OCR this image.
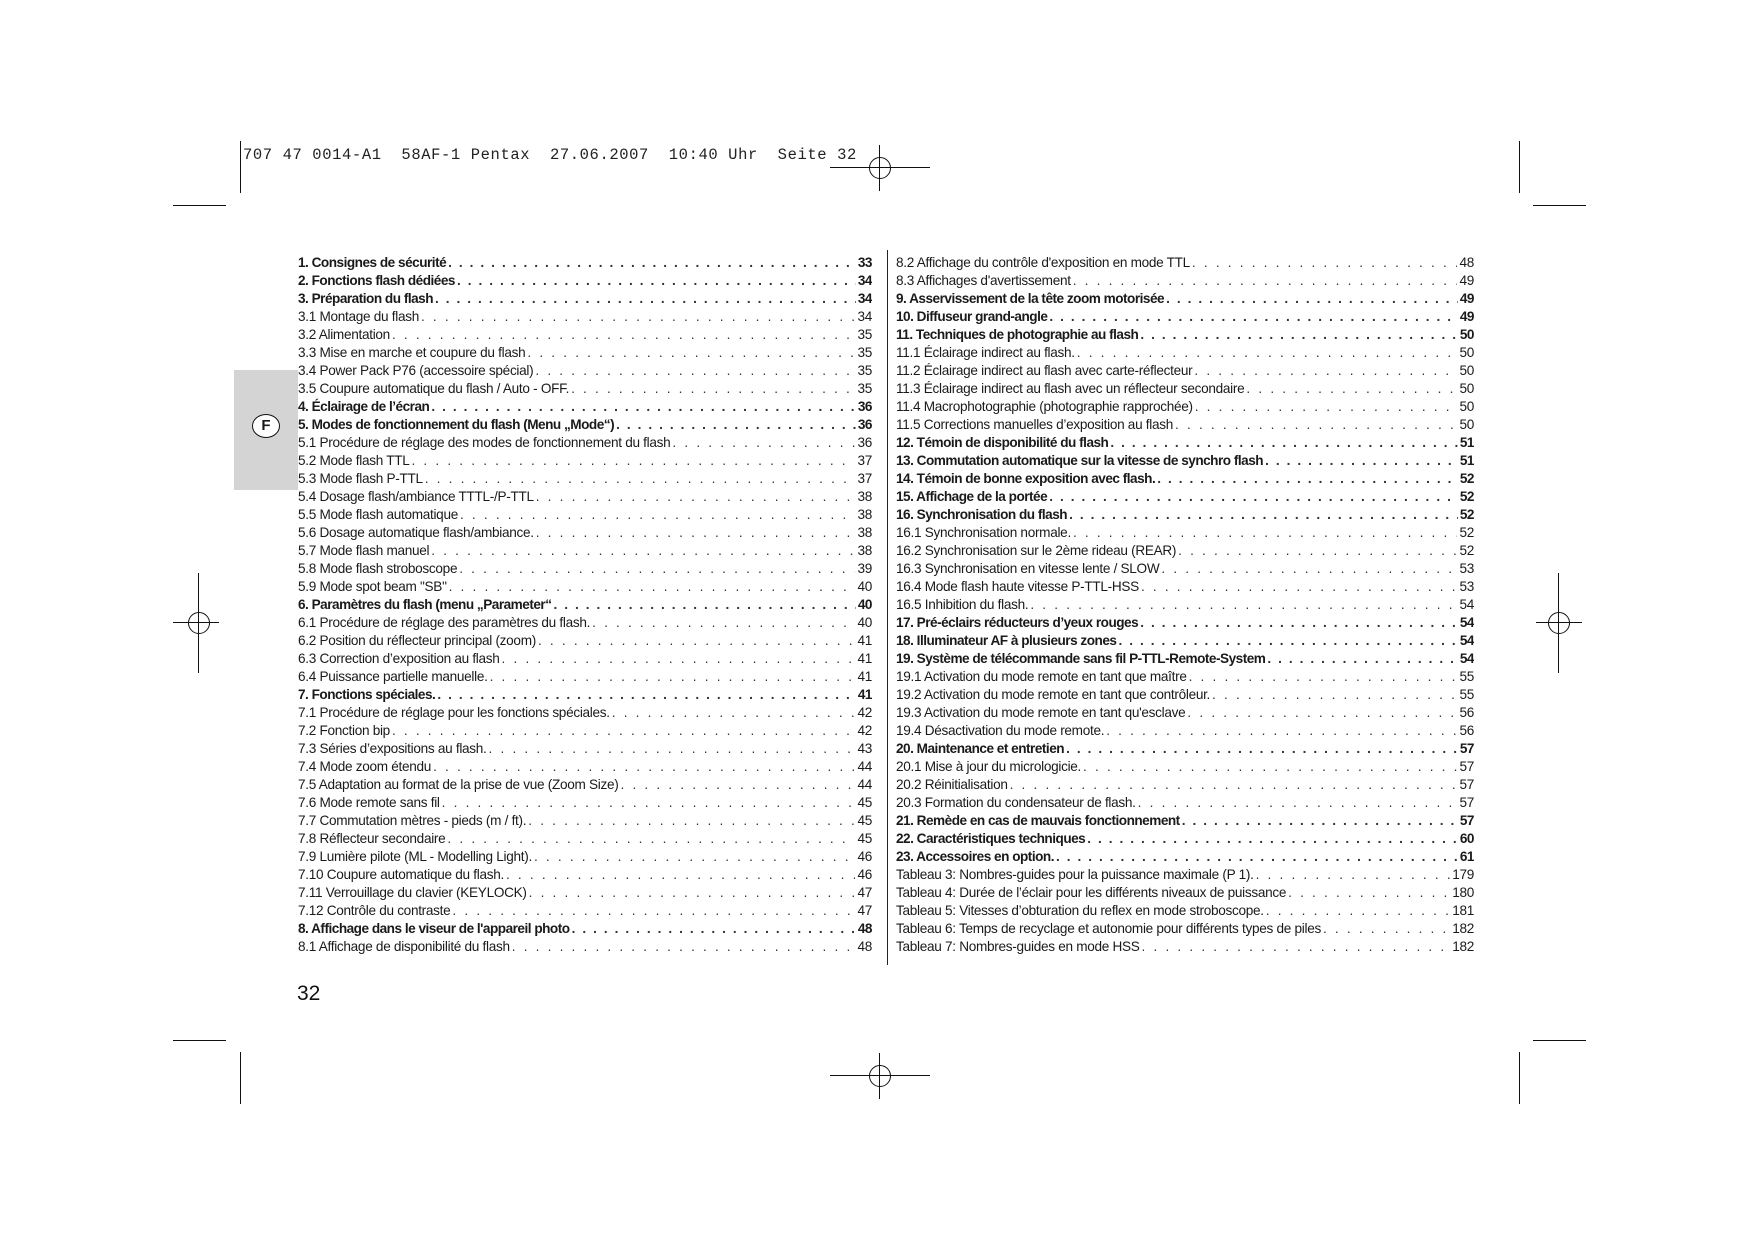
707 47 0014-A1  58AF-1 Pentax  27.06.2007  10:40 Uhr  Seite 32
F
1. Consignes de sécurité . . .	33
2. Fonctions flash dédiées . . .	34
3. Préparation du flash . . .	34
3.1 Montage du flash . . .	34
3.2 Alimentation . . .	35
3.3 Mise en marche et coupure du flash . . .	35
3.4 Power Pack P76 (accessoire spécial) . . .	35
3.5 Coupure automatique du flash / Auto - OFF. . . .	35
4. Éclairage de l’écran . . .	36
5. Modes de fonctionnement du flash (Menu „Mode“) . . .	36
5.1 Procédure de réglage des modes de fonctionnement du flash . . .	36
5.2 Mode flash TTL . . .	37
5.3 Mode flash P-TTL . . .	37
5.4 Dosage flash/ambiance TTTL-/P-TTL . . .	38
5.5 Mode flash automatique . . .	38
5.6 Dosage automatique flash/ambiance. . . .	38
5.7 Mode flash manuel . . .	38
5.8 Mode flash stroboscope . . .	39
5.9 Mode spot beam "SB" . . .	40
6. Paramètres du flash (menu „Parameter“ . . .	40
6.1 Procédure de réglage des paramètres du flash. . . .	40
6.2 Position du réflecteur principal (zoom) . . .	41
6.3 Correction d’exposition au flash . . .	41
6.4 Puissance partielle manuelle. . . .	41
7. Fonctions spéciales. . . .	41
7.1 Procédure de réglage pour les fonctions spéciales. . . .	42
7.2 Fonction bip . . .	42
7.3 Séries d’expositions au flash. . . .	43
7.4 Mode zoom étendu . . .	44
7.5 Adaptation au format de la prise de vue (Zoom Size) . . .	44
7.6 Mode remote sans fil . . .	45
7.7 Commutation mètres - pieds (m / ft). . . .	45
7.8 Réflecteur secondaire . . .	45
7.9 Lumière pilote (ML - Modelling Light). . . .	46
7.10 Coupure automatique du flash. . . .	46
7.11 Verrouillage du clavier (KEYLOCK) . . .	47
7.12 Contrôle du contraste . . .	47
8. Affichage dans le viseur de l'appareil photo . . .	48
8.1 Affichage de disponibilité du flash . . .	48
8.2 Affichage du contrôle d'exposition en mode TTL . . .	48
8.3 Affichages d'avertissement . . .	49
9. Asservissement de la tête zoom motorisée . . .	49
10. Diffuseur grand-angle . . .	49
11. Techniques de photographie au flash . . .	50
11.1 Éclairage indirect au flash. . . .	50
11.2 Éclairage indirect au flash avec carte-réflecteur . . .	50
11.3 Éclairage indirect au flash avec un réflecteur secondaire . . .	50
11.4 Macrophotographie (photographie rapprochée) . . .	50
11.5 Corrections manuelles d’exposition au flash . . .	50
12. Témoin de disponibilité du flash . . .	51
13. Commutation automatique sur la vitesse de synchro flash . . .	51
14. Témoin de bonne exposition avec flash. . . .	52
15. Affichage de la portée . . .	52
16. Synchronisation du flash . . .	52
16.1 Synchronisation normale. . . .	52
16.2 Synchronisation sur le 2ème rideau (REAR) . . .	52
16.3 Synchronisation en vitesse lente / SLOW . . .	53
16.4 Mode flash haute vitesse P-TTL-HSS . . .	53
16.5 Inhibition du flash. . . .	54
17. Pré-éclairs réducteurs d’yeux rouges . . .	54
18. Illuminateur AF à plusieurs zones . . .	54
19. Système de télécommande sans fil P-TTL-Remote-System . . .	54
19.1 Activation du mode remote en tant que maître . . .	55
19.2 Activation du mode remote en tant que contrôleur. . . .	55
19.3 Activation du mode remote en tant qu'esclave . . .	56
19.4 Désactivation du mode remote. . . .	56
20. Maintenance et entretien . . .	57
20.1 Mise à jour du micrologicie. . . .	57
20.2 Réinitialisation . . .	57
20.3 Formation du condensateur de flash. . . .	57
21. Remède en cas de mauvais fonctionnement . . .	57
22. Caractéristiques techniques . . .	60
23. Accessoires en option. . . .	61
Tableau 3: Nombres-guides pour la puissance maximale (P 1). . . .	179
Tableau 4: Durée de l’éclair pour les différents niveaux de puissance . . .	180
Tableau 5: Vitesses d’obturation du reflex en mode stroboscope. . . .	181
Tableau 6: Temps de recyclage et autonomie pour différents types de piles . . .	182
Tableau 7: Nombres-guides en mode HSS . . .	182
32
